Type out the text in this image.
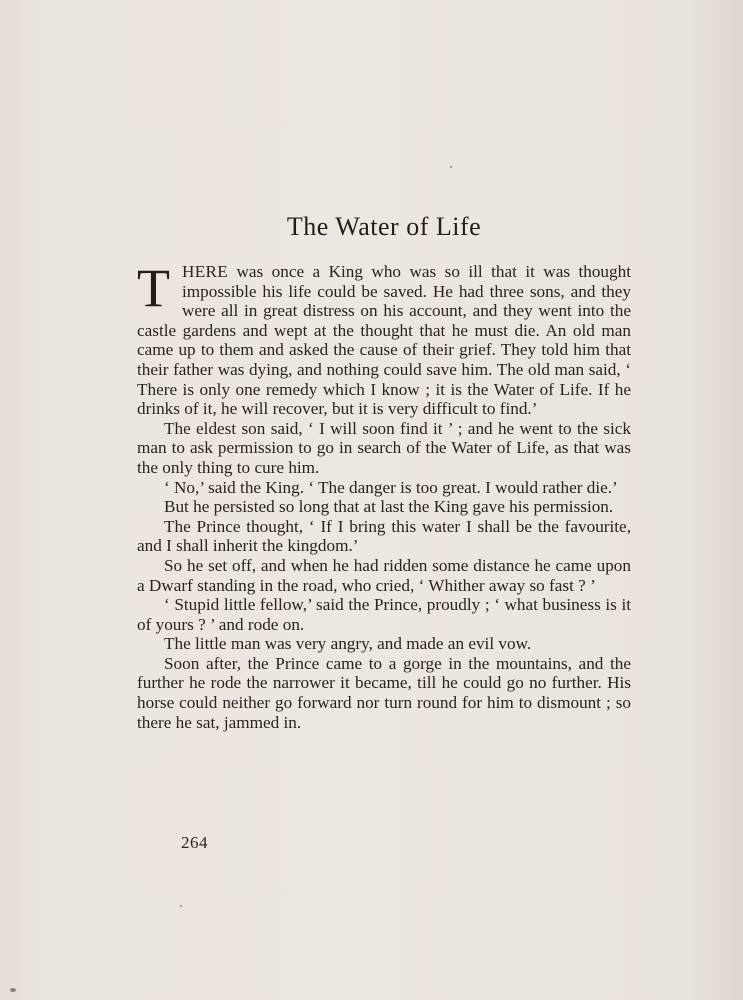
The Water of Life

THERE was once a King who was so ill that it was thought impossible his life could be saved. He had three sons, and they were all in great distress on his account, and they went into the castle gardens and wept at the thought that he must die. An old man came up to them and asked the cause of their grief. They told him that their father was dying, and nothing could save him. The old man said, ‘ There is only one remedy which I know ; it is the Water of Life. If he drinks of it, he will recover, but it is very difficult to find.’

The eldest son said, ‘ I will soon find it ’ ; and he went to the sick man to ask permission to go in search of the Water of Life, as that was the only thing to cure him.

‘ No,’ said the King. ‘ The danger is too great. I would rather die.’

But he persisted so long that at last the King gave his permission.

The Prince thought, ‘ If I bring this water I shall be the favourite, and I shall inherit the kingdom.’

So he set off, and when he had ridden some distance he came upon a Dwarf standing in the road, who cried, ‘ Whither away so fast ? ’

‘ Stupid little fellow,’ said the Prince, proudly ; ‘ what business is it of yours ? ’ and rode on.

The little man was very angry, and made an evil vow.

Soon after, the Prince came to a gorge in the mountains, and the further he rode the narrower it became, till he could go no further. His horse could neither go forward nor turn round for him to dismount ; so there he sat, jammed in.

264
